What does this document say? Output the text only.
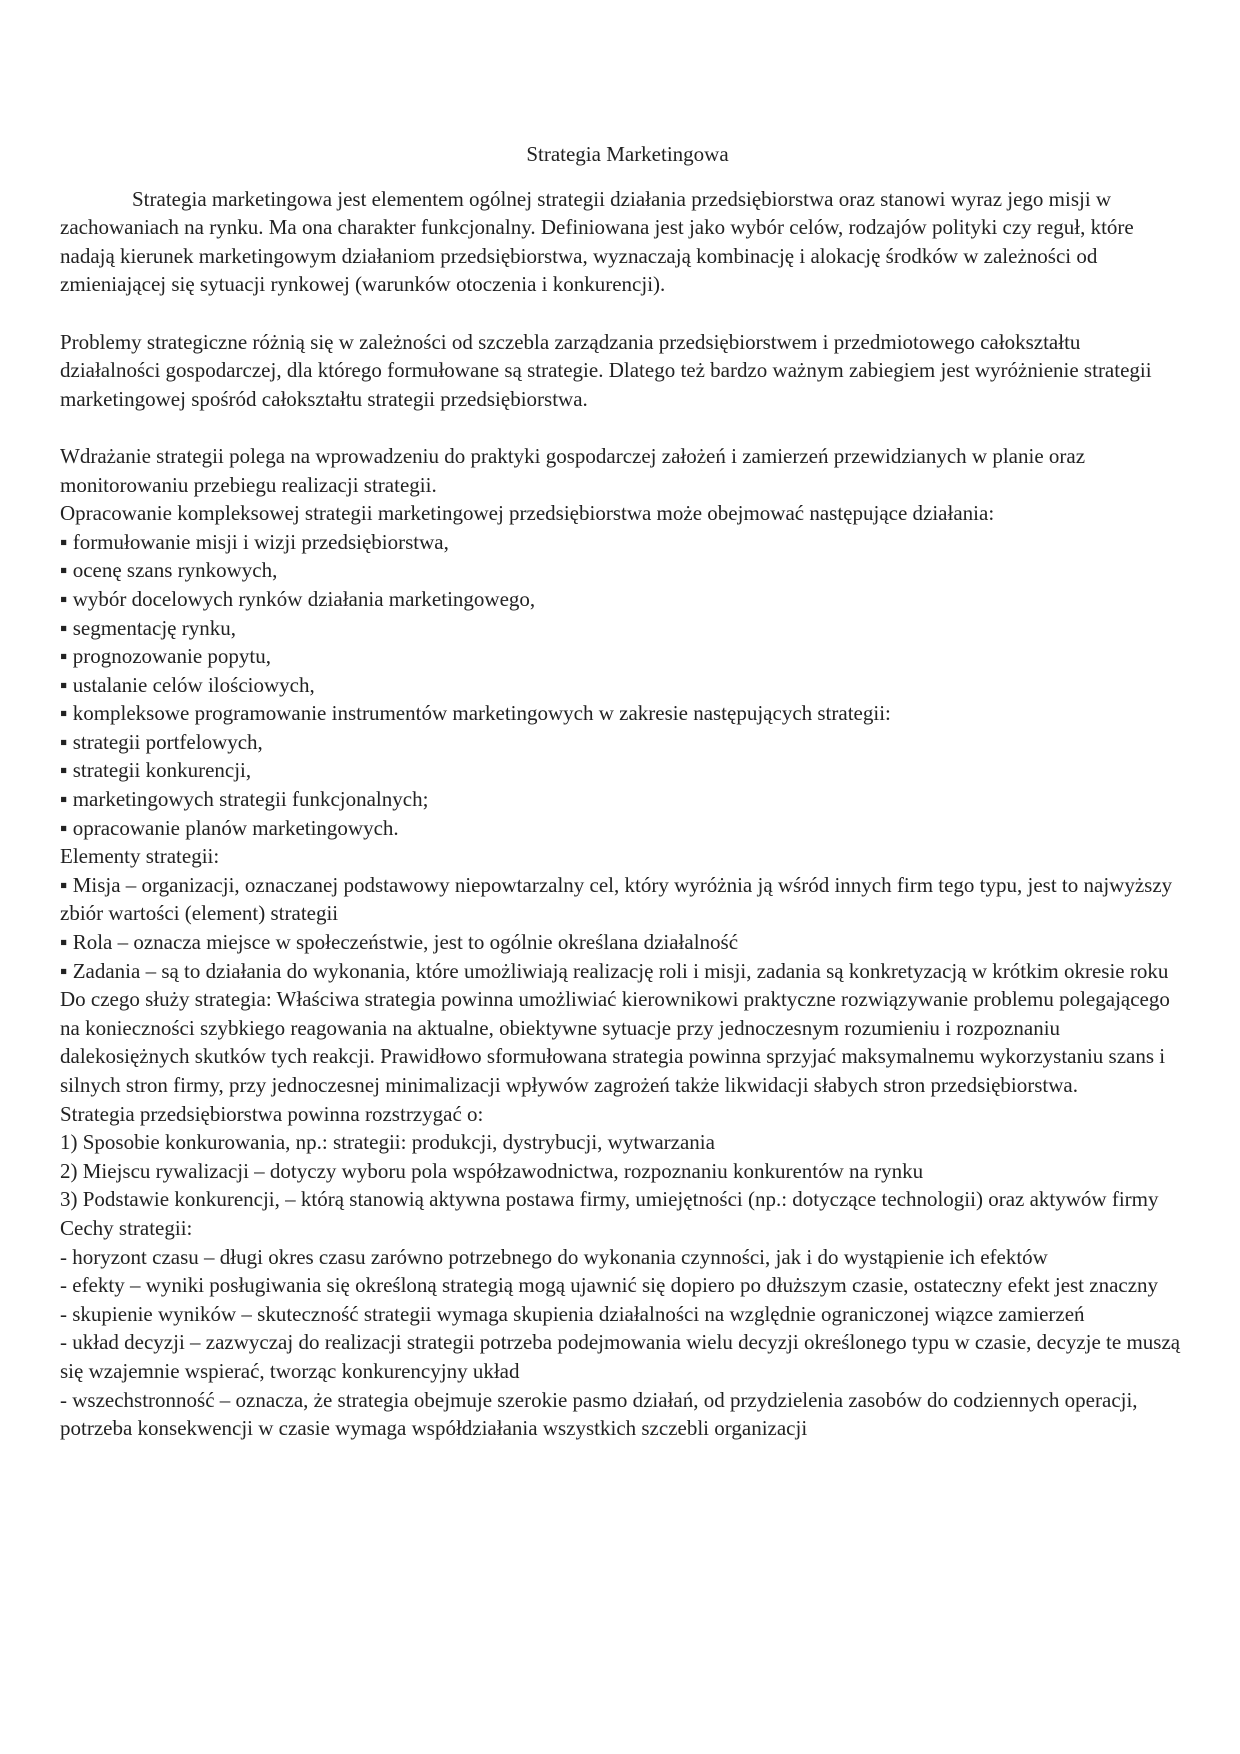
Strategia Marketingowa

Strategia marketingowa jest elementem ogólnej strategii działania przedsiębiorstwa oraz stanowi wyraz jego misji w zachowaniach na rynku. Ma ona charakter funkcjonalny. Definiowana jest jako wybór celów, rodzajów polityki czy reguł, które nadają kierunek marketingowym działaniom przedsiębiorstwa, wyznaczają kombinację i alokację środków w zależności od zmieniającej się sytuacji rynkowej (warunków otoczenia i konkurencji).

Problemy strategiczne różnią się w zależności od szczebla zarządzania przedsiębiorstwem i przedmiotowego całokształtu działalności gospodarczej, dla którego formułowane są strategie. Dlatego też bardzo ważnym zabiegiem jest wyróżnienie strategii marketingowej spośród całokształtu strategii przedsiębiorstwa.

Wdrażanie strategii polega na wprowadzeniu do praktyki gospodarczej założeń i zamierzeń przewidzianych w planie oraz monitorowaniu przebiegu realizacji strategii.

Opracowanie kompleksowej strategii marketingowej przedsiębiorstwa może obejmować następujące działania:

▪ formułowanie misji i wizji przedsiębiorstwa,

▪ ocenę szans rynkowych,

▪ wybór docelowych rynków działania marketingowego,

▪ segmentację rynku,

▪ prognozowanie popytu,

▪ ustalanie celów ilościowych,

▪ kompleksowe programowanie instrumentów marketingowych w zakresie następujących strategii:

▪ strategii portfelowych,

▪ strategii konkurencji,

▪ marketingowych strategii funkcjonalnych;

▪ opracowanie planów marketingowych.

Elementy strategii:

▪ Misja – organizacji, oznaczanej podstawowy niepowtarzalny cel, który wyróżnia ją wśród innych firm tego typu, jest to najwyższy zbiór wartości (element) strategii

▪ Rola – oznacza miejsce w społeczeństwie, jest to ogólnie określana działalność

▪ Zadania – są to działania do wykonania, które umożliwiają realizację roli i misji, zadania są konkretyzacją w krótkim okresie roku

Do czego służy strategia: Właściwa strategia powinna umożliwiać kierownikowi praktyczne rozwiązywanie problemu polegającego na konieczności szybkiego reagowania na aktualne, obiektywne sytuacje przy jednoczesnym rozumieniu i rozpoznaniu dalekosiężnych skutków tych reakcji. Prawidłowo sformułowana strategia powinna sprzyjać maksymalnemu wykorzystaniu szans i silnych stron firmy, przy jednoczesnej minimalizacji wpływów zagrożeń także likwidacji słabych stron przedsiębiorstwa.

Strategia przedsiębiorstwa powinna rozstrzygać o:

1) Sposobie konkurowania, np.: strategii: produkcji, dystrybucji, wytwarzania

2) Miejscu rywalizacji – dotyczy wyboru pola współzawodnictwa, rozpoznaniu konkurentów na rynku

3) Podstawie konkurencji, – którą stanowią aktywna postawa firmy, umiejętności (np.: dotyczące technologii) oraz aktywów firmy

Cechy strategii:

- horyzont czasu – długi okres czasu zarówno potrzebnego do wykonania czynności, jak i do wystąpienie ich efektów

- efekty – wyniki posługiwania się określoną strategią mogą ujawnić się dopiero po dłuższym czasie, ostateczny efekt jest znaczny

- skupienie wyników – skuteczność strategii wymaga skupienia działalności na względnie ograniczonej wiązce zamierzeń

- układ decyzji – zazwyczaj do realizacji strategii potrzeba podejmowania wielu decyzji określonego typu w czasie, decyzje te muszą się wzajemnie wspierać, tworząc konkurencyjny układ

- wszechstronność – oznacza, że strategia obejmuje szerokie pasmo działań, od przydzielenia zasobów do codziennych operacji, potrzeba konsekwencji w czasie wymaga współdziałania wszystkich szczebli organizacji
